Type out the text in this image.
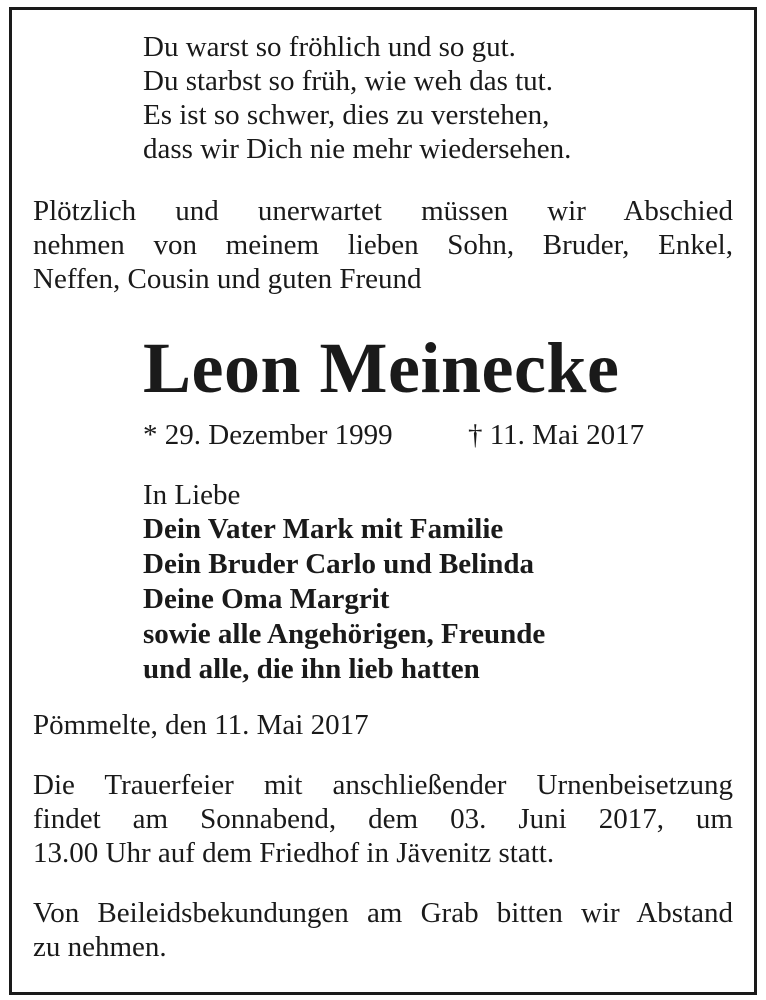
Du warst so fröhlich und so gut.
Du starbst so früh, wie weh das tut.
Es ist so schwer, dies zu verstehen,
dass wir Dich nie mehr wiedersehen.
Plötzlich und unerwartet müssen wir Abschied
nehmen von meinem lieben Sohn, Bruder, Enkel,
Neffen, Cousin und guten Freund
Leon Meinecke
* 29. Dezember 1999	† 11. Mai 2017
In Liebe
Dein Vater Mark mit Familie
Dein Bruder Carlo und Belinda
Deine Oma Margrit
sowie alle Angehörigen, Freunde
und alle, die ihn lieb hatten
Pömmelte, den 11. Mai 2017
Die Trauerfeier mit anschließender Urnenbeisetzung
findet am Sonnabend, dem 03. Juni 2017, um
13.00 Uhr auf dem Friedhof in Jävenitz statt.
Von Beileidsbekundungen am Grab bitten wir Abstand
zu nehmen.
